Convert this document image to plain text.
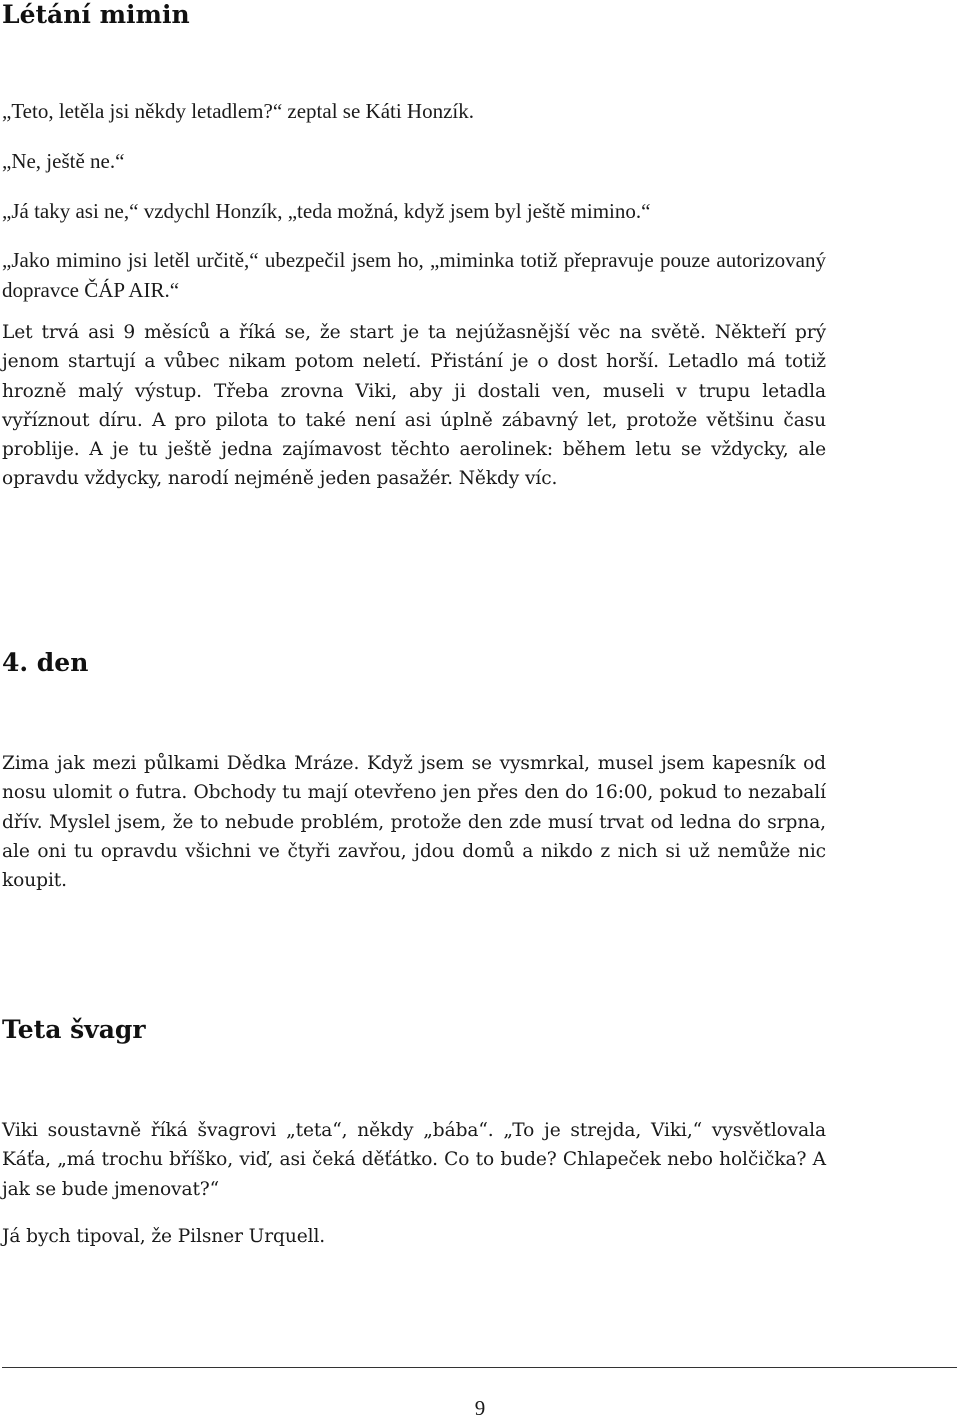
Létání mimin

„Teto, letěla jsi někdy letadlem?“ zeptal se Káti Honzík.

„Ne, ještě ne.“

„Já taky asi ne,“ vzdychl Honzík, „teda možná, když jsem byl ještě mimino.“

„Jako mimino jsi letěl určitě,“ ubezpečil jsem ho, „miminka totiž přepravuje pouze autorizovaný dopravce ČÁP AIR.“

Let trvá asi 9 měsíců a říká se, že start je ta nejúžasnější věc na světě. Někteří prý jenom startují a vůbec nikam potom neletí. Přistání je o dost horší. Letadlo má totiž hrozně malý výstup. Třeba zrovna Viki, aby ji dostali ven, museli v trupu letadla vyříznout díru. A pro pilota to také není asi úplně zábavný let, protože většinu času problije. A je tu ještě jedna zajímavost těchto aerolinek: během letu se vždycky, ale opravdu vždycky, narodí nejméně jeden pasažér. Někdy víc.

4. den

Zima jak mezi půlkami Dědka Mráze. Když jsem se vysmrkal, musel jsem kapesník od nosu ulomit o futra. Obchody tu mají otevřeno jen přes den do 16:00, pokud to nezabalí dřív. Myslel jsem, že to nebude problém, protože den zde musí trvat od ledna do srpna, ale oni tu opravdu všichni ve čtyři zavřou, jdou domů a nikdo z nich si už nemůže nic koupit.

Teta švagr

Viki soustavně říká švagrovi „teta“, někdy „bába“. „To je strejda, Viki,“ vysvětlovala Káťa, „má trochu bříško, viď, asi čeká děťátko. Co to bude? Chlapeček nebo holčička? A jak se bude jmenovat?“

Já bych tipoval, že Pilsner Urquell.

9
